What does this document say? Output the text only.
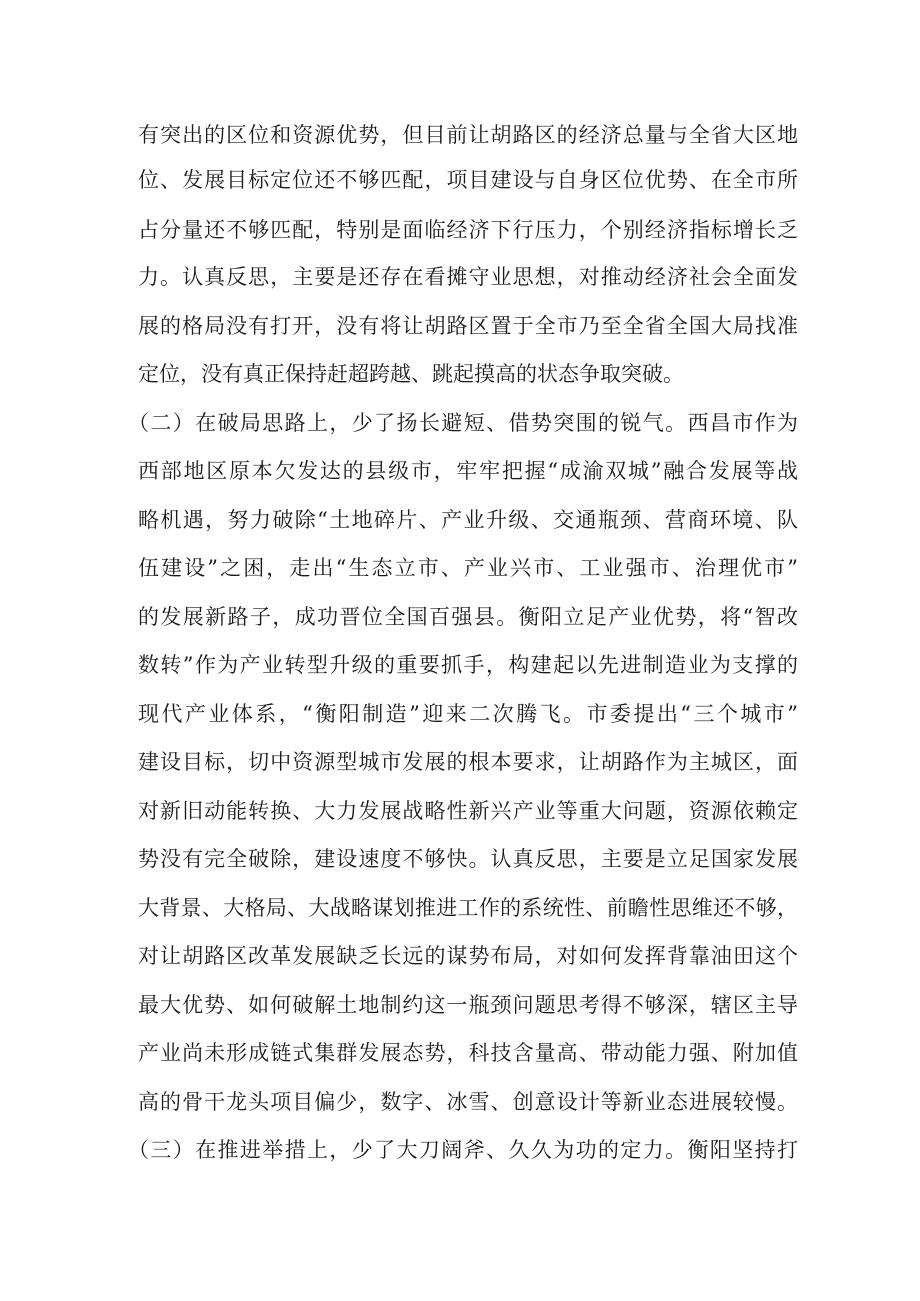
有突出的区位和资源优势，但目前让胡路区的经济总量与全省大区地
位、发展目标定位还不够匹配，项目建设与自身区位优势、在全市所
占分量还不够匹配，特别是面临经济下行压力，个别经济指标增长乏
力。认真反思，主要是还存在看摊守业思想，对推动经济社会全面发
展的格局没有打开，没有将让胡路区置于全市乃至全省全国大局找准
定位，没有真正保持赶超跨越、跳起摸高的状态争取突破。
（二）在破局思路上，少了扬长避短、借势突围的锐气。西昌市作为
西部地区原本欠发达的县级市，牢牢把握“成渝双城”融合发展等战
略机遇，努力破除“土地碎片、产业升级、交通瓶颈、营商环境、队
伍建设”之困，走出“生态立市、产业兴市、工业强市、治理优市”
的发展新路子，成功晋位全国百强县。衡阳立足产业优势，将“智改
数转”作为产业转型升级的重要抓手，构建起以先进制造业为支撑的
现代产业体系，“衡阳制造”迎来二次腾飞。市委提出“三个城市”
建设目标，切中资源型城市发展的根本要求，让胡路作为主城区，面
对新旧动能转换、大力发展战略性新兴产业等重大问题，资源依赖定
势没有完全破除，建设速度不够快。认真反思，主要是立足国家发展
大背景、大格局、大战略谋划推进工作的系统性、前瞻性思维还不够，
对让胡路区改革发展缺乏长远的谋势布局，对如何发挥背靠油田这个
最大优势、如何破解土地制约这一瓶颈问题思考得不够深，辖区主导
产业尚未形成链式集群发展态势，科技含量高、带动能力强、附加值
高的骨干龙头项目偏少，数字、冰雪、创意设计等新业态进展较慢。
（三）在推进举措上，少了大刀阔斧、久久为功的定力。衡阳坚持打
